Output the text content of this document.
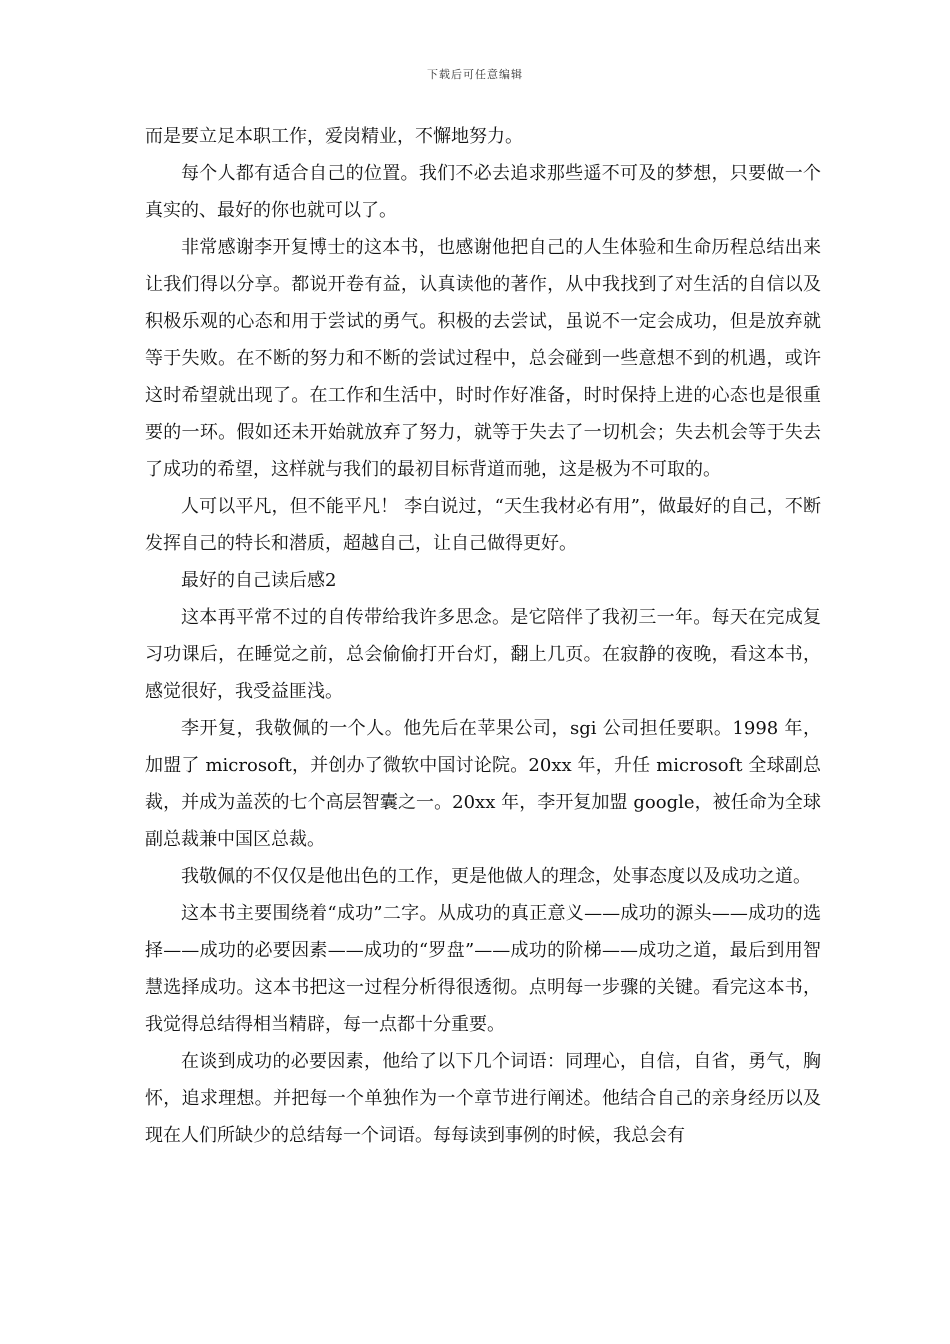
下载后可任意编辑

而是要立足本职工作，爱岗精业，不懈地努力。

每个人都有适合自己的位置。我们不必去追求那些遥不可及的梦想，只要做一个真实的、最好的你也就可以了。

非常感谢李开复博士的这本书，也感谢他把自己的人生体验和生命历程总结出来让我们得以分享。都说开卷有益，认真读他的著作，从中我找到了对生活的自信以及积极乐观的心态和用于尝试的勇气。积极的去尝试，虽说不一定会成功，但是放弃就等于失败。在不断的努力和不断的尝试过程中，总会碰到一些意想不到的机遇，或许这时希望就出现了。在工作和生活中，时时作好准备，时时保持上进的心态也是很重要的一环。假如还未开始就放弃了努力，就等于失去了一切机会；失去机会等于失去了成功的希望，这样就与我们的最初目标背道而驰，这是极为不可取的。

人可以平凡，但不能平凡！ 李白说过，“天生我材必有用”，做最好的自己，不断发挥自己的特长和潜质，超越自己，让自己做得更好。

最好的自己读后感2

这本再平常不过的自传带给我许多思念。是它陪伴了我初三一年。每天在完成复习功课后，在睡觉之前，总会偷偷打开台灯，翻上几页。在寂静的夜晚，看这本书，感觉很好，我受益匪浅。

李开复，我敬佩的一个人。他先后在苹果公司，sgi 公司担任要职。1998 年，加盟了 microsoft，并创办了微软中国讨论院。20xx 年，升任 microsoft 全球副总裁，并成为盖茨的七个高层智囊之一。20xx 年，李开复加盟 google，被任命为全球副总裁兼中国区总裁。

我敬佩的不仅仅是他出色的工作，更是他做人的理念，处事态度以及成功之道。

这本书主要围绕着“成功”二字。从成功的真正意义——成功的源头——成功的选择——成功的必要因素——成功的“罗盘”——成功的阶梯——成功之道，最后到用智慧选择成功。这本书把这一过程分析得很透彻。点明每一步骤的关键。看完这本书，我觉得总结得相当精辟，每一点都十分重要。

在谈到成功的必要因素，他给了以下几个词语：同理心，自信，自省，勇气，胸怀，追求理想。并把每一个单独作为一个章节进行阐述。他结合自己的亲身经历以及现在人们所缺少的总结每一个词语。每每读到事例的时候，我总会有
